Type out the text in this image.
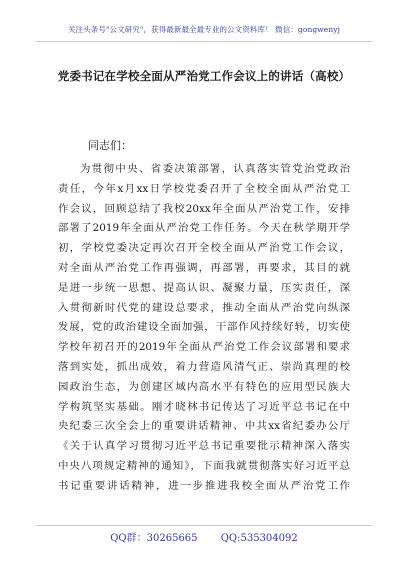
关注头条号"公文研究"，获得最新最全最专业的公文资料库！ 微信：gongwenyj
党委书记在学校全面从严治党工作会议上的讲话（高校）
同志们：
为贯彻中央、省委决策部署，认真落实管党治党政治
责任，今年x月xx日学校党委召开了全校全面从严治党工
作会议，回顾总结了我校20xx年全面从严治党工作，安排
部署了2019年全面从严治党工作任务。今天在秋学期开学
初，学校党委决定再次召开全校全面从严治党工作会议，
对全面从严治党工作再强调，再部署，再要求，其目的就
是进一步统一思想、提高认识、凝聚力量，压实责任，深
入贯彻新时代党的建设总要求，推动全面从严治党向纵深
发展，党的政治建设全面加强，干部作风持续好转，切实使
学校年初召开的2019年全面从严治党工作会议部署和要求
落到实处，抓出成效，着力营造风清气正、崇尚真理的校
园政治生态，为创建区域内高水平有特色的应用型民族大
学构筑坚实基础。刚才晓林书记传达了习近平总书记在中
央纪委三次全会上的重要讲话精神、中共xx省纪委办公厅
《关于认真学习贯彻习近平总书记重要批示精神深入落实
中央八项规定精神的通知》，下面我就贯彻落实好习近平总
书记重要讲话精神，进一步推进我校全面从严治党工作
QQ群：30265665 QQ:535304092
